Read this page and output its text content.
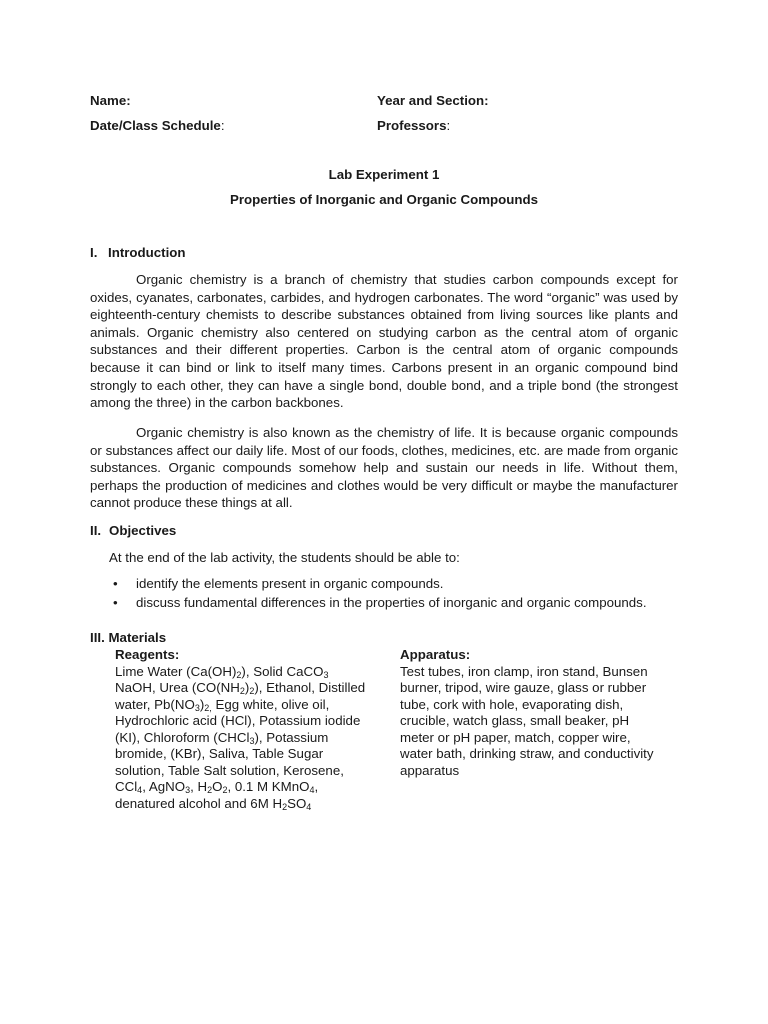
Name:	Year and Section:
Date/Class Schedule:	Professors:
Lab Experiment 1
Properties of Inorganic and Organic Compounds
I. Introduction

Organic chemistry is a branch of chemistry that studies carbon compounds except for oxides, cyanates, carbonates, carbides, and hydrogen carbonates. The word “organic” was used by eighteenth-century chemists to describe substances obtained from living sources like plants and animals. Organic chemistry also centered on studying carbon as the central atom of organic substances and their different properties. Carbon is the central atom of organic compounds because it can bind or link to itself many times. Carbons present in an organic compound bind strongly to each other, they can have a single bond, double bond, and a triple bond (the strongest among the three) in the carbon backbones.

Organic chemistry is also known as the chemistry of life. It is because organic compounds or substances affect our daily life. Most of our foods, clothes, medicines, etc. are made from organic substances. Organic compounds somehow help and sustain our needs in life. Without them, perhaps the production of medicines and clothes would be very difficult or maybe the manufacturer cannot produce these things at all.

II. Objectives
At the end of the lab activity, the students should be able to:
• identify the elements present in organic compounds.
• discuss fundamental differences in the properties of inorganic and organic compounds.
III. Materials
Reagents:
Lime Water $(Ca(OH)_2)$, Solid CaCO$_3$
NaOH, Urea $(CO(NH_2)_2)$, Ethanol, Distilled
water, $Pb(NO_3)_{2,}$ Egg white, olive oil,
Hydrochloric acid (HCl), Potassium iodide
(KI), Chloroform (CHCl$_3$), Potassium
bromide, (KBr), Saliva, Table Sugar
solution, Table Salt solution, Kerosene,
CCl$_4$, AgNO$_3$, $H_2O_2$, 0.1 M KMnO$_4$,
denatured alcohol and 6M $H_2SO_4$
Apparatus:
Test tubes, iron clamp, iron stand, Bunsen
burner, tripod, wire gauze, glass or rubber
tube, cork with hole, evaporating dish,
crucible, watch glass, small beaker, pH
meter or pH paper, match, copper wire,
water bath, drinking straw, and conductivity
apparatus
